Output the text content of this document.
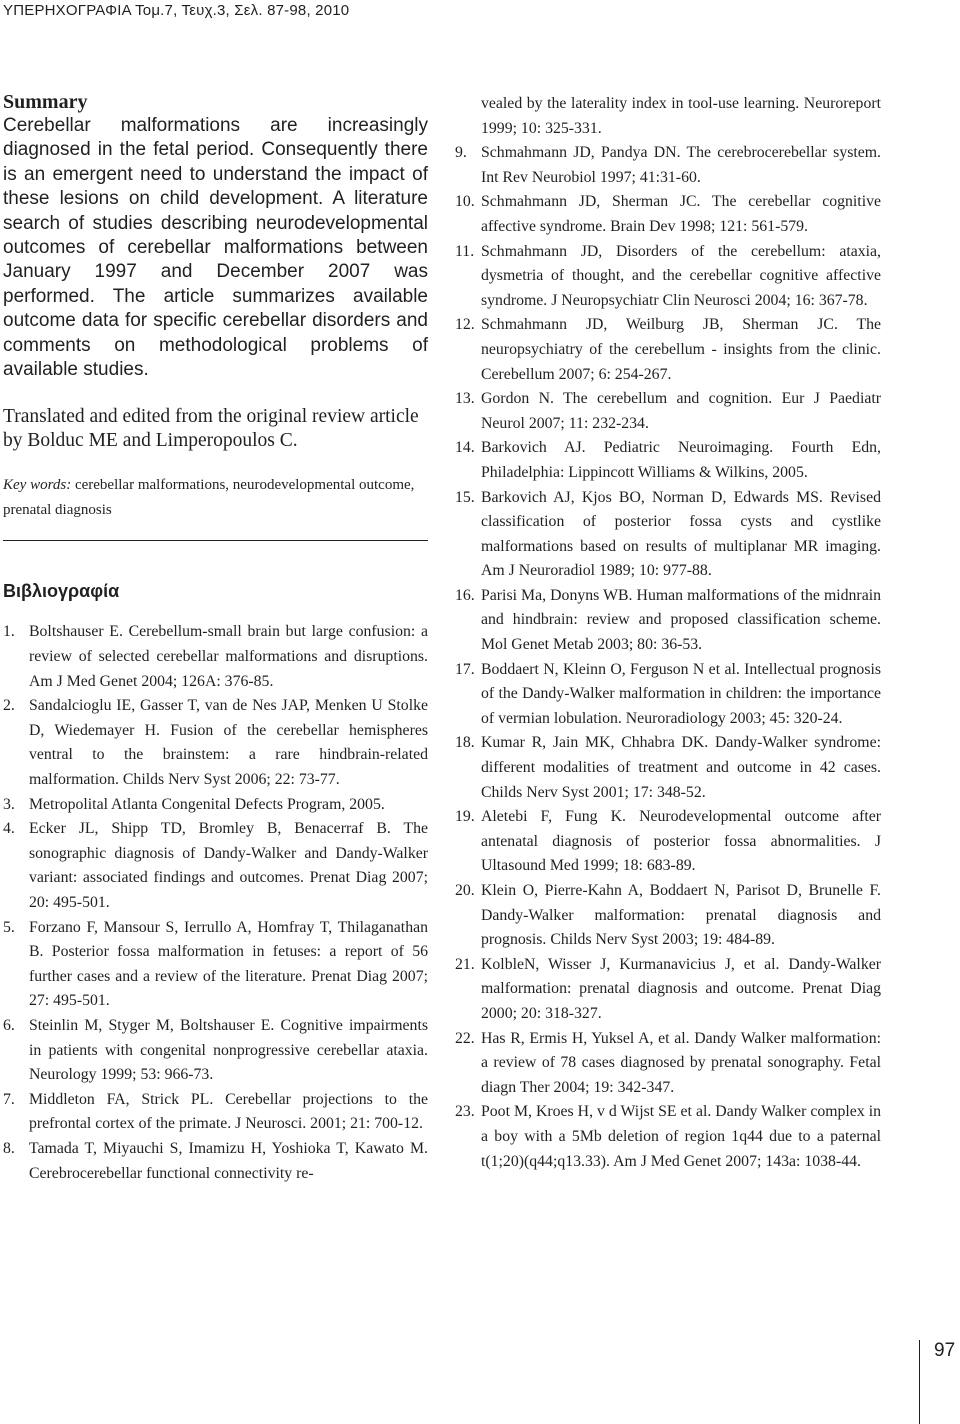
ΥΠΕΡΗΧΟΓΡΑΦΙΑ Τομ.7, Τευχ.3, Σελ. 87-98, 2010
Summary

Cerebellar malformations are increasingly diagnosed in the fetal period. Consequently there is an emergent need to understand the impact of these lesions on child development. A literature search of studies describing neurodevelopmental outcomes of cerebellar malformations between January 1997 and December 2007 was performed. The article summarizes available outcome data for specific cerebellar disorders and comments on methodological problems of available studies.

Translated and edited from the original review article by Bolduc ME and Limperopoulos C.

Key words: cerebellar malformations, neurodevelopmental outcome, prenatal diagnosis

Βιβλιογραφία
1. Boltshauser E. Cerebellum-small brain but large confusion: a review of selected cerebellar malformations and disruptions. Am J Med Genet 2004; 126A: 376-85.
2. Sandalcioglu IE, Gasser T, van de Nes JAP, Menken U Stolke D, Wiedemayer H. Fusion of the cerebellar hemispheres ventral to the brainstem: a rare hindbrain-related malformation. Childs Nerv Syst 2006; 22: 73-77.
3. Metropolital Atlanta Congenital Defects Program, 2005.
4. Ecker JL, Shipp TD, Bromley B, Benacerraf B. The sonographic diagnosis of Dandy-Walker and Dandy-Walker variant: associated findings and outcomes. Prenat Diag 2007; 20: 495-501.
5. Forzano F, Mansour S, Ierrullo A, Homfray T, Thilaganathan B. Posterior fossa malformation in fetuses: a report of 56 further cases and a review of the literature. Prenat Diag 2007; 27: 495-501.
6. Steinlin M, Styger M, Boltshauser E. Cognitive impairments in patients with congenital nonprogressive cerebellar ataxia. Neurology 1999; 53: 966-73.
7. Middleton FA, Strick PL. Cerebellar projections to the prefrontal cortex of the primate. J Neurosci. 2001; 21: 700-12.
8. Tamada T, Miyauchi S, Imamizu H, Yoshioka T, Kawato M. Cerebrocerebellar functional connectivity re-
vealed by the laterality index in tool-use learning. Neuroreport 1999; 10: 325-331.
9. Schmahmann JD, Pandya DN. The cerebrocerebellar system. Int Rev Neurobiol 1997; 41:31-60.
10. Schmahmann JD, Sherman JC. The cerebellar cognitive affective syndrome. Brain Dev 1998; 121: 561-579.
11. Schmahmann JD, Disorders of the cerebellum: ataxia, dysmetria of thought, and the cerebellar cognitive affective syndrome. J Neuropsychiatr Clin Neurosci 2004; 16: 367-78.
12. Schmahmann JD, Weilburg JB, Sherman JC. The neuropsychiatry of the cerebellum - insights from the clinic. Cerebellum 2007; 6: 254-267.
13. Gordon N. The cerebellum and cognition. Eur J Paediatr Neurol 2007; 11: 232-234.
14. Barkovich AJ. Pediatric Neuroimaging. Fourth Edn, Philadelphia: Lippincott Williams & Wilkins, 2005.
15. Barkovich AJ, Kjos BO, Norman D, Edwards MS. Revised classification of posterior fossa cysts and cystlike malformations based on results of multiplanar MR imaging. Am J Neuroradiol 1989; 10: 977-88.
16. Parisi Ma, Donyns WB. Human malformations of the midnrain and hindbrain: review and proposed classification scheme. Mol Genet Metab 2003; 80: 36-53.
17. Boddaert N, Kleinn O, Ferguson N et al. Intellectual prognosis of the Dandy-Walker malformation in children: the importance of vermian lobulation. Neuroradiology 2003; 45: 320-24.
18. Kumar R, Jain MK, Chhabra DK. Dandy-Walker syndrome: different modalities of treatment and outcome in 42 cases. Childs Nerv Syst 2001; 17: 348-52.
19. Aletebi F, Fung K. Neurodevelopmental outcome after antenatal diagnosis of posterior fossa abnormalities. J Ultasound Med 1999; 18: 683-89.
20. Klein O, Pierre-Kahn A, Boddaert N, Parisot D, Brunelle F. Dandy-Walker malformation: prenatal diagnosis and prognosis. Childs Nerv Syst 2003; 19: 484-89.
21. KolbleN, Wisser J, Kurmanavicius J, et al. Dandy-Walker malformation: prenatal diagnosis and outcome. Prenat Diag 2000; 20: 318-327.
22. Has R, Ermis H, Yuksel A, et al. Dandy Walker malformation: a review of 78 cases diagnosed by prenatal sonography. Fetal diagn Ther 2004; 19: 342-347.
23. Poot M, Kroes H, v d Wijst SE et al. Dandy Walker complex in a boy with a 5Mb deletion of region 1q44 due to a paternal t(1;20)(q44;q13.33). Am J Med Genet 2007; 143a: 1038-44.
97
